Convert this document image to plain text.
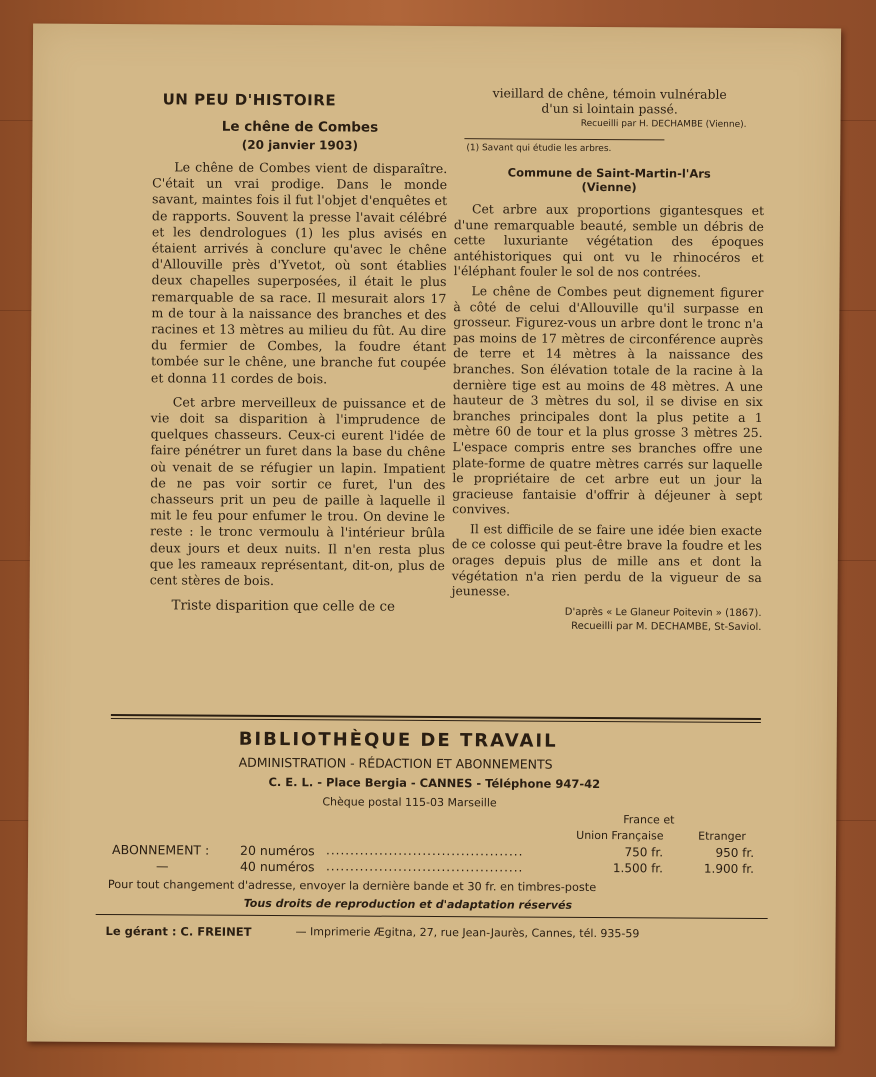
UN PEU D'HISTOIRE
Le chêne de Combes
(20 janvier 1903)

Le chêne de Combes vient de disparaître. C'était un vrai prodige. Dans le monde savant, maintes fois il fut l'objet d'enquêtes et de rapports. Souvent la presse l'avait célébré et les dendrologues (1) les plus avisés en étaient arrivés à conclure qu'avec le chêne d'Allouville près d'Yvetot, où sont établies deux chapelles superposées, il était le plus remarquable de sa race. Il mesurait alors 17 m de tour à la naissance des branches et des racines et 13 mètres au milieu du fût. Au dire du fermier de Combes, la foudre étant tombée sur le chêne, une branche fut coupée et donna 11 cordes de bois.

Cet arbre merveilleux de puissance et de vie doit sa disparition à l'imprudence de quelques chasseurs. Ceux-ci eurent l'idée de faire pénétrer un furet dans la base du chêne où venait de se réfugier un lapin. Impatient de ne pas voir sortir ce furet, l'un des chasseurs prit un peu de paille à laquelle il mit le feu pour enfumer le trou. On devine le reste : le tronc vermoulu à l'intérieur brûla deux jours et deux nuits. Il n'en resta plus que les rameaux représentant, dit-on, plus de cent stères de bois.

Triste disparition que celle de ce

vieillard de chêne, témoin vulnérable

d'un si lointain passé.

Recueilli par H. DECHAMBE (Vienne).
(1) Savant qui étudie les arbres.
Commune de Saint-Martin-l'Ars
(Vienne)

Cet arbre aux proportions gigantesques et d'une remarquable beauté, semble un débris de cette luxuriante végétation des époques antéhistoriques qui ont vu le rhinocéros et l'éléphant fouler le sol de nos contrées.

Le chêne de Combes peut dignement figurer à côté de celui d'Allouville qu'il surpasse en grosseur. Figurez-vous un arbre dont le tronc n'a pas moins de 17 mètres de circonférence auprès de terre et 14 mètres à la naissance des branches. Son élévation totale de la racine à la dernière tige est au moins de 48 mètres. A une hauteur de 3 mètres du sol, il se divise en six branches principales dont la plus petite a 1 mètre 60 de tour et la plus grosse 3 mètres 25. L'espace compris entre ses branches offre une plate-forme de quatre mètres carrés sur laquelle le propriétaire de cet arbre eut un jour la gracieuse fantaisie d'offrir à déjeuner à sept convives.

Il est difficile de se faire une idée bien exacte de ce colosse qui peut-être brave la foudre et les orages depuis plus de mille ans et dont la végétation n'a rien perdu de la vigueur de sa jeunesse.

D'après « Le Glaneur Poitevin » (1867).
Recueilli par M. DECHAMBE, St-Saviol.
BIBLIOTHÈQUE DE TRAVAIL
ADMINISTRATION - RÉDACTION ET ABONNEMENTS
C. E. L. - Place Bergia - CANNES - Téléphone 947-42
Chèque postal 115-03 Marseille
France et
Union Française	Etranger
ABONNEMENT : 20 numéros .........................................	750 fr.	950 fr.
—	40 numéros .........................................	1.500 fr.	1.900 fr.
Pour tout changement d'adresse, envoyer la dernière bande et 30 fr. en timbres-poste
Tous droits de reproduction et d'adaptation réservés
Le gérant : C. FREINET	— Imprimerie Ægitna, 27, rue Jean-Jaurès, Cannes, tél. 935-59
